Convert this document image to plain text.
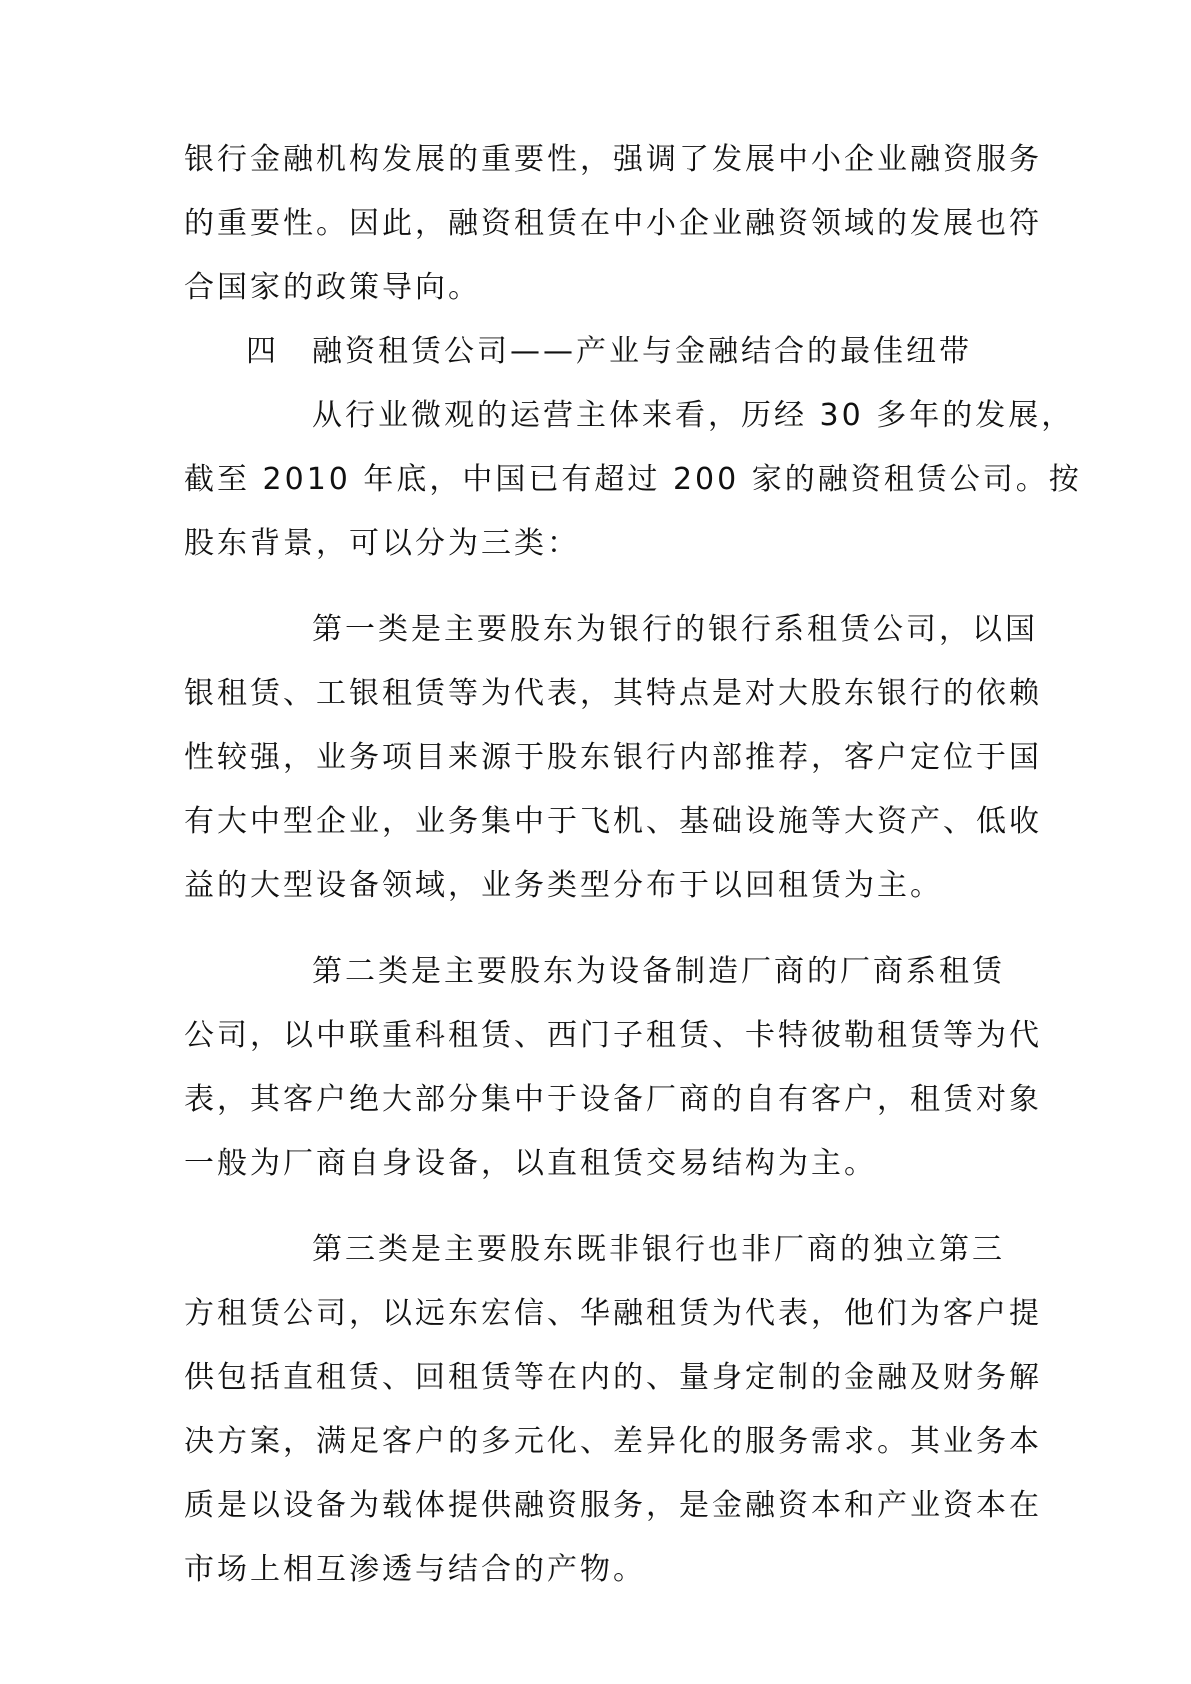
银行金融机构发展的重要性，强调了发展中小企业融资服务
的重要性。因此，融资租赁在中小企业融资领域的发展也符
合国家的政策导向。
四　融资租赁公司——产业与金融结合的最佳纽带
从行业微观的运营主体来看，历经 30 多年的发展，
截至 2010 年底，中国已有超过 200 家的融资租赁公司。按
股东背景，可以分为三类：
第一类是主要股东为银行的银行系租赁公司，以国
银租赁、工银租赁等为代表，其特点是对大股东银行的依赖
性较强，业务项目来源于股东银行内部推荐，客户定位于国
有大中型企业，业务集中于飞机、基础设施等大资产、低收
益的大型设备领域，业务类型分布于以回租赁为主。
第二类是主要股东为设备制造厂商的厂商系租赁
公司，以中联重科租赁、西门子租赁、卡特彼勒租赁等为代
表，其客户绝大部分集中于设备厂商的自有客户，租赁对象
一般为厂商自身设备，以直租赁交易结构为主。
第三类是主要股东既非银行也非厂商的独立第三
方租赁公司，以远东宏信、华融租赁为代表，他们为客户提
供包括直租赁、回租赁等在内的、量身定制的金融及财务解
决方案，满足客户的多元化、差异化的服务需求。其业务本
质是以设备为载体提供融资服务，是金融资本和产业资本在
市场上相互渗透与结合的产物。
